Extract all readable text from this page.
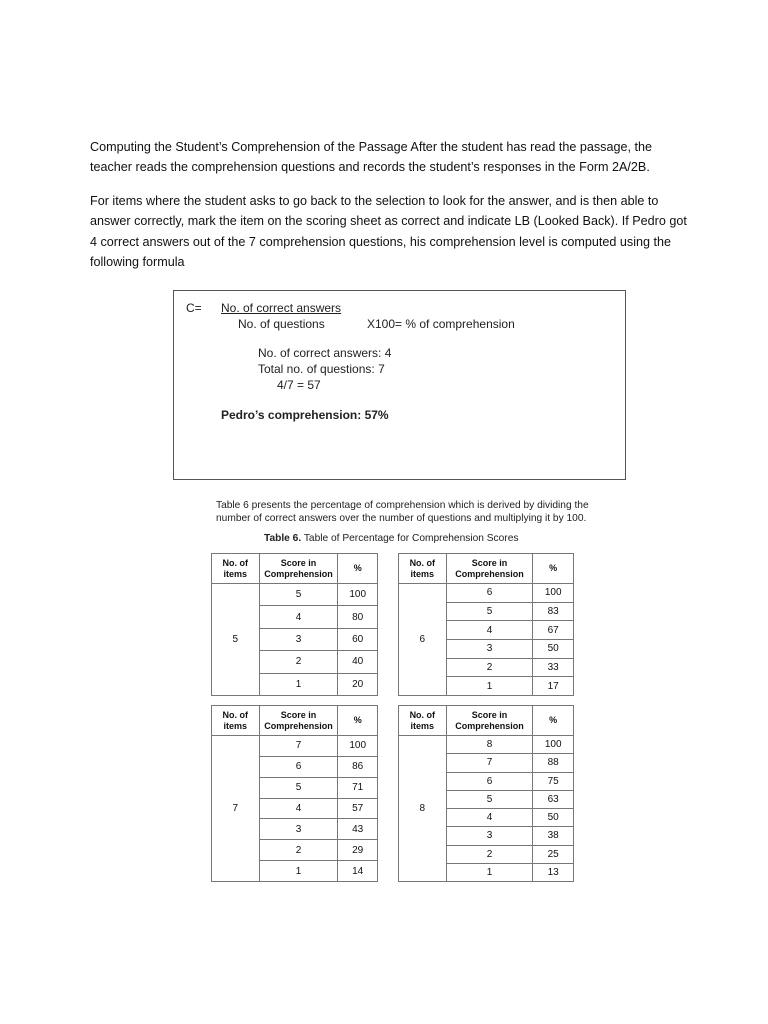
Computing the Student’s Comprehension of the Passage After the student has read the passage, the teacher reads the comprehension questions and records the student’s responses in the Form 2A/2B.

For items where the student asks to go back to the selection to look for the answer, and is then able to answer correctly, mark the item on the scoring sheet as correct and indicate LB (Looked Back). If Pedro got 4 correct answers out of the 7 comprehension questions, his comprehension level is computed using the following formula

C= No. of correct answers
No. of questions	X100= % of comprehension
No. of correct answers: 4
Total no. of questions: 7
4/7 = 57
Pedro’s comprehension: 57%
Table 6 presents the percentage of comprehension which is derived by dividing the number of correct answers over the number of questions and multiplying it by 100.
Table 6. Table of Percentage for Comprehension Scores
No. of items	Score in Comprehension	%
5	5	100
	4	80
	3	60
	2	40
	1	20
No. of items	Score in Comprehension	%
6	6	100
	5	83
	4	67
	3	50
	2	33
	1	17
No. of items	Score in Comprehension	%
7	7	100
	6	86
	5	71
	4	57
	3	43
	2	29
	1	14
No. of items	Score in Comprehension	%
8	8	100
	7	88
	6	75
	5	63
	4	50
	3	38
	2	25
	1	13
